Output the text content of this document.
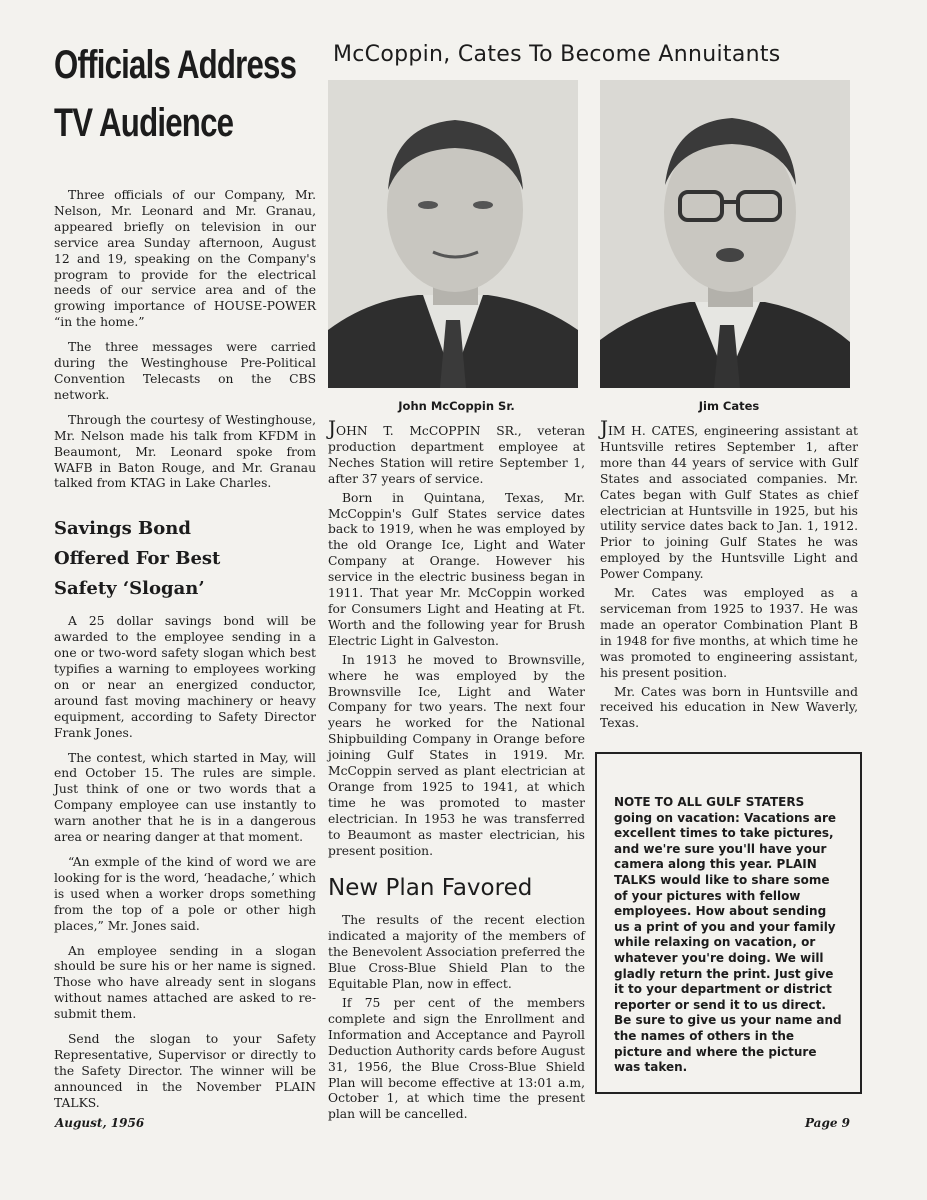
Officials Address
TV Audience

Three officials of our Company, Mr. Nelson, Mr. Leonard and Mr. Granau, appeared briefly on television in our service area Sunday afternoon, August 12 and 19, speaking on the Company's program to provide for the electrical needs of our service area and of the growing importance of HOUSE-POWER “in the home.”

The three messages were carried during the Westinghouse Pre-Political Convention Telecasts on the CBS network.

Through the courtesy of Westinghouse, Mr. Nelson made his talk from KFDM in Beaumont, Mr. Leonard spoke from WAFB in Baton Rouge, and Mr. Granau talked from KTAG in Lake Charles.

Savings Bond
Offered For Best
Safety ‘Slogan’

A 25 dollar savings bond will be awarded to the employee sending in a one or two-word safety slogan which best typifies a warning to employees working on or near an energized conductor, around fast moving machinery or heavy equipment, according to Safety Director Frank Jones.

The contest, which started in May, will end October 15. The rules are simple. Just think of one or two words that a Company employee can use instantly to warn another that he is in a dangerous area or nearing danger at that moment.

“An exmple of the kind of word we are looking for is the word, ‘headache,’ which is used when a worker drops something from the top of a pole or other high places,” Mr. Jones said.

An employee sending in a slogan should be sure his or her name is signed. Those who have already sent in slogans without names attached are asked to re-submit them.

Send the slogan to your Safety Representative, Supervisor or directly to the Safety Director. The winner will be announced in the November PLAIN TALKS.

McCoppin, Cates To Become Annuitants
John McCoppin Sr.

JOHN T. McCOPPIN SR., veteran production department employee at Neches Station will retire September 1, after 37 years of service.

Born in Quintana, Texas, Mr. McCoppin's Gulf States service dates back to 1919, when he was employed by the old Orange Ice, Light and Water Company at Orange. However his service in the electric business began in 1911. That year Mr. McCoppin worked for Consumers Light and Heating at Ft. Worth and the following year for Brush Electric Light in Galveston.

In 1913 he moved to Brownsville, where he was employed by the Brownsville Ice, Light and Water Company for two years. The next four years he worked for the National Shipbuilding Company in Orange before joining Gulf States in 1919. Mr. McCoppin served as plant electrician at Orange from 1925 to 1941, at which time he was promoted to master electrician. In 1953 he was transferred to Beaumont as master electrician, his present position.

New Plan Favored

The results of the recent election indicated a majority of the members of the Benevolent Association preferred the Blue Cross-Blue Shield Plan to the Equitable Plan, now in effect.

If 75 per cent of the members complete and sign the Enrollment and Information and Acceptance and Payroll Deduction Authority cards before August 31, 1956, the Blue Cross-Blue Shield Plan will become effective at 13:01 a.m, October 1, at which time the present plan will be cancelled.

Jim Cates

JIM H. CATES, engineering assistant at Huntsville retires September 1, after more than 44 years of service with Gulf States and associated companies. Mr. Cates began with Gulf States as chief electrician at Huntsville in 1925, but his utility service dates back to Jan. 1, 1912. Prior to joining Gulf States he was employed by the Huntsville Light and Power Company.

Mr. Cates was employed as a serviceman from 1925 to 1937. He was made an operator Combination Plant B in 1948 for five months, at which time he was promoted to engineering assistant, his present position.

Mr. Cates was born in Huntsville and received his education in New Waverly, Texas.

NOTE TO ALL GULF STATERS going on vacation: Vacations are excellent times to take pictures, and we're sure you'll have your camera along this year. PLAIN TALKS would like to share some of your pictures with fellow employees. How about sending us a print of you and your family while relaxing on vacation, or whatever you're doing. We will gladly return the print. Just give it to your department or district reporter or send it to us direct. Be sure to give us your name and the names of others in the picture and where the picture was taken.
August, 1956	Page 9
